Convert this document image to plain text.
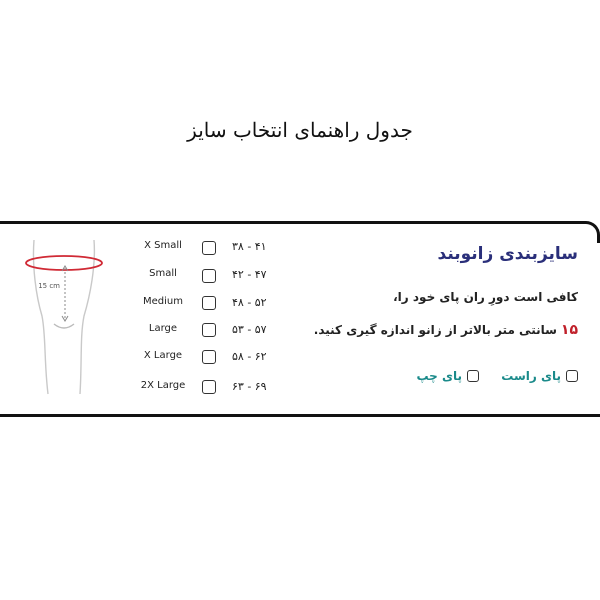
جدول راهنمای انتخاب سایز
15 cm
X Small	۳۸ - ۴۱
Small	۴۲ - ۴۷
Medium	۴۸ - ۵۲
Large	۵۳ - ۵۷
X Large	۵۸ - ۶۲
2X Large	۶۳ - ۶۹
سایزبندی زانوبند
کافی است دورِ ران پای خود را،
۱۵سانتی متر بالاتر از زانو اندازه گیری کنید.
پای راست
پای چپ
